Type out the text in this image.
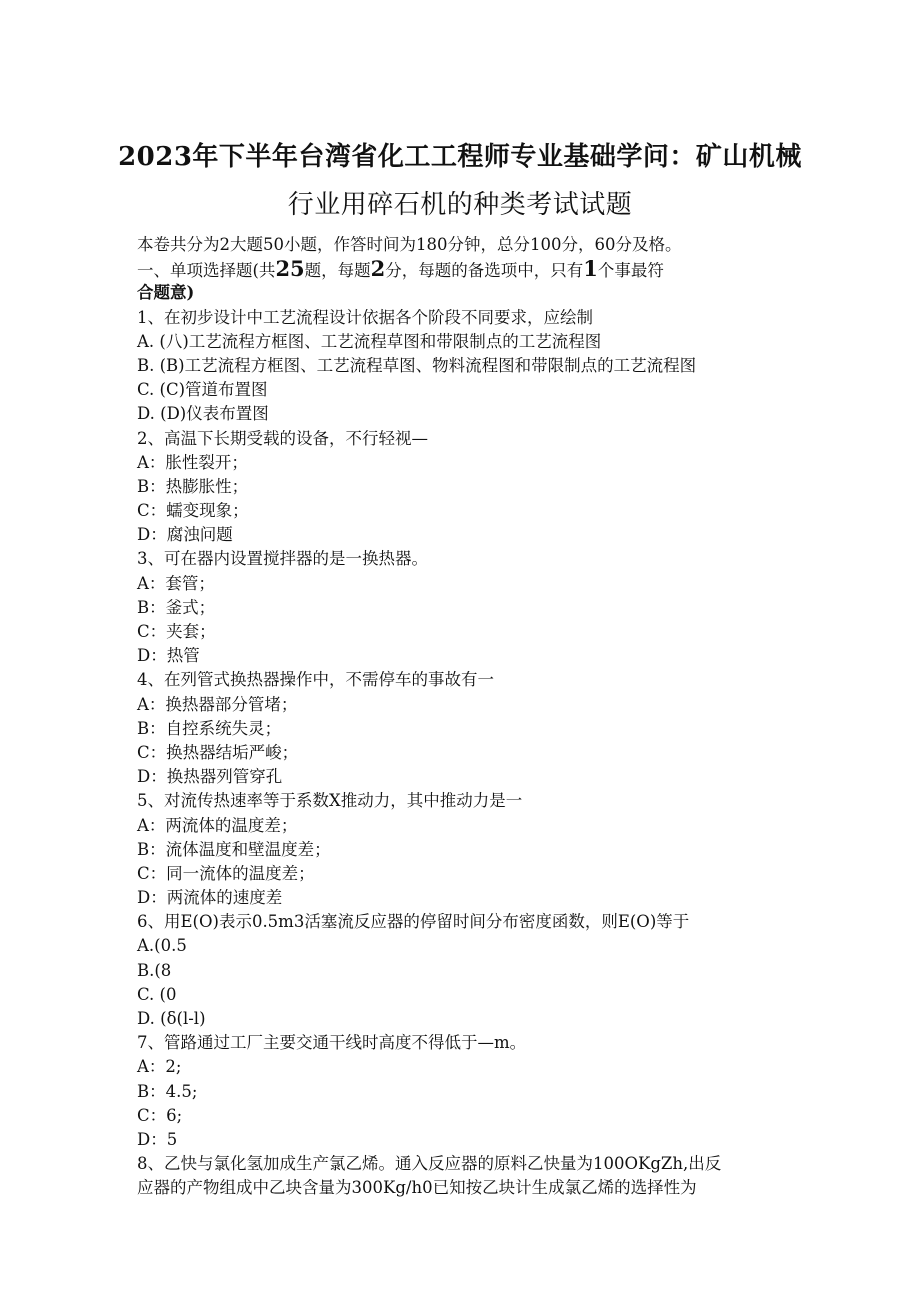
2023年下半年台湾省化工工程师专业基础学问：矿山机械
行业用碎石机的种类考试试题
本卷共分为2大题50小题，作答时间为180分钟，总分100分，60分及格。
一、单项选择题(共25题，每题2分，每题的备选项中，只有1个事最符
合题意)
1、在初步设计中工艺流程设计依据各个阶段不同要求，应绘制
A. (八)工艺流程方框图、工艺流程草图和带限制点的工艺流程图
B. (B)工艺流程方框图、工艺流程草图、物料流程图和带限制点的工艺流程图
C. (C)管道布置图
D. (D)仪表布置图
2、高温下长期受载的设备，不行轻视—
A：胀性裂开；
B：热膨胀性；
C：蠕变现象；
D：腐浊问题
3、可在器内设置搅拌器的是一换热器。
A：套管；
B：釜式；
C：夹套；
D：热管
4、在列管式换热器操作中，不需停车的事故有一
A：换热器部分管堵；
B：自控系统失灵；
C：换热器结垢严峻；
D：换热器列管穿孔
5、对流传热速率等于系数X推动力，其中推动力是一
A：两流体的温度差；
B：流体温度和壁温度差；
C：同一流体的温度差；
D：两流体的速度差
6、用E(O)表示0.5m3活塞流反应器的停留时间分布密度函数，则E(O)等于
A.(0.5
B.(8
C. (0
D. (δ(l-l)
7、管路通过工厂主要交通干线时高度不得低于—m。
A：2;
B：4.5;
C：6;
D：5
8、乙快与氯化氢加成生产氯乙烯。通入反应器的原料乙快量为100OKgZh,出反
应器的产物组成中乙块含量为300Kg/h0已知按乙块计生成氯乙烯的选择性为
